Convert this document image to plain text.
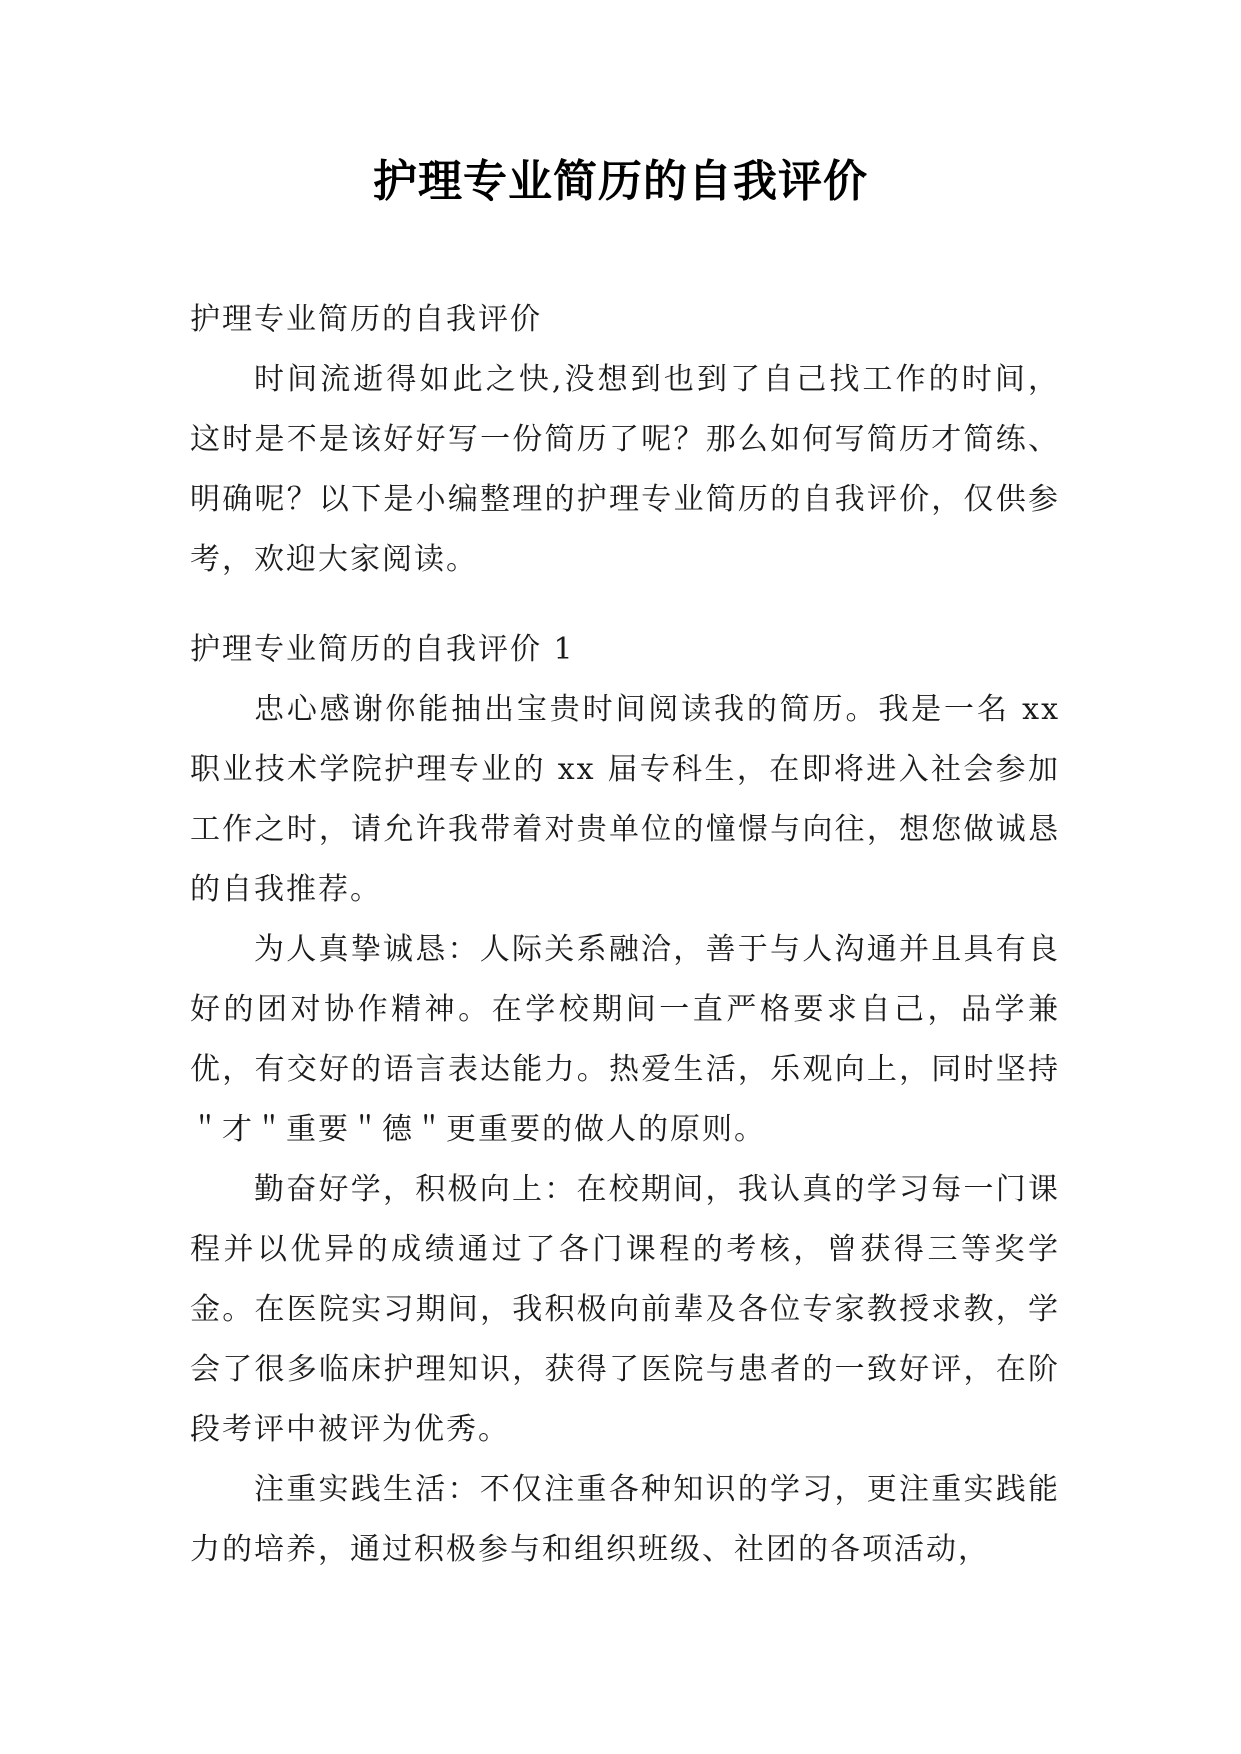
护理专业简历的自我评价

护理专业简历的自我评价

时间流逝得如此之快,没想到也到了自己找工作的时间，这时是不是该好好写一份简历了呢？那么如何写简历才简练、明确呢？以下是小编整理的护理专业简历的自我评价，仅供参考，欢迎大家阅读。

护理专业简历的自我评价 1

忠心感谢你能抽出宝贵时间阅读我的简历。我是一名 xx 职业技术学院护理专业的 xx 届专科生，在即将进入社会参加工作之时，请允许我带着对贵单位的憧憬与向往，想您做诚恳的自我推荐。

为人真挚诚恳：人际关系融洽，善于与人沟通并且具有良好的团对协作精神。在学校期间一直严格要求自己，品学兼优，有交好的语言表达能力。热爱生活，乐观向上，同时坚持＂才＂重要＂德＂更重要的做人的原则。

勤奋好学，积极向上：在校期间，我认真的学习每一门课程并以优异的成绩通过了各门课程的考核，曾获得三等奖学金。在医院实习期间，我积极向前辈及各位专家教授求教，学会了很多临床护理知识，获得了医院与患者的一致好评，在阶段考评中被评为优秀。

注重实践生活：不仅注重各种知识的学习，更注重实践能力的培养，通过积极参与和组织班级、社团的各项活动，
